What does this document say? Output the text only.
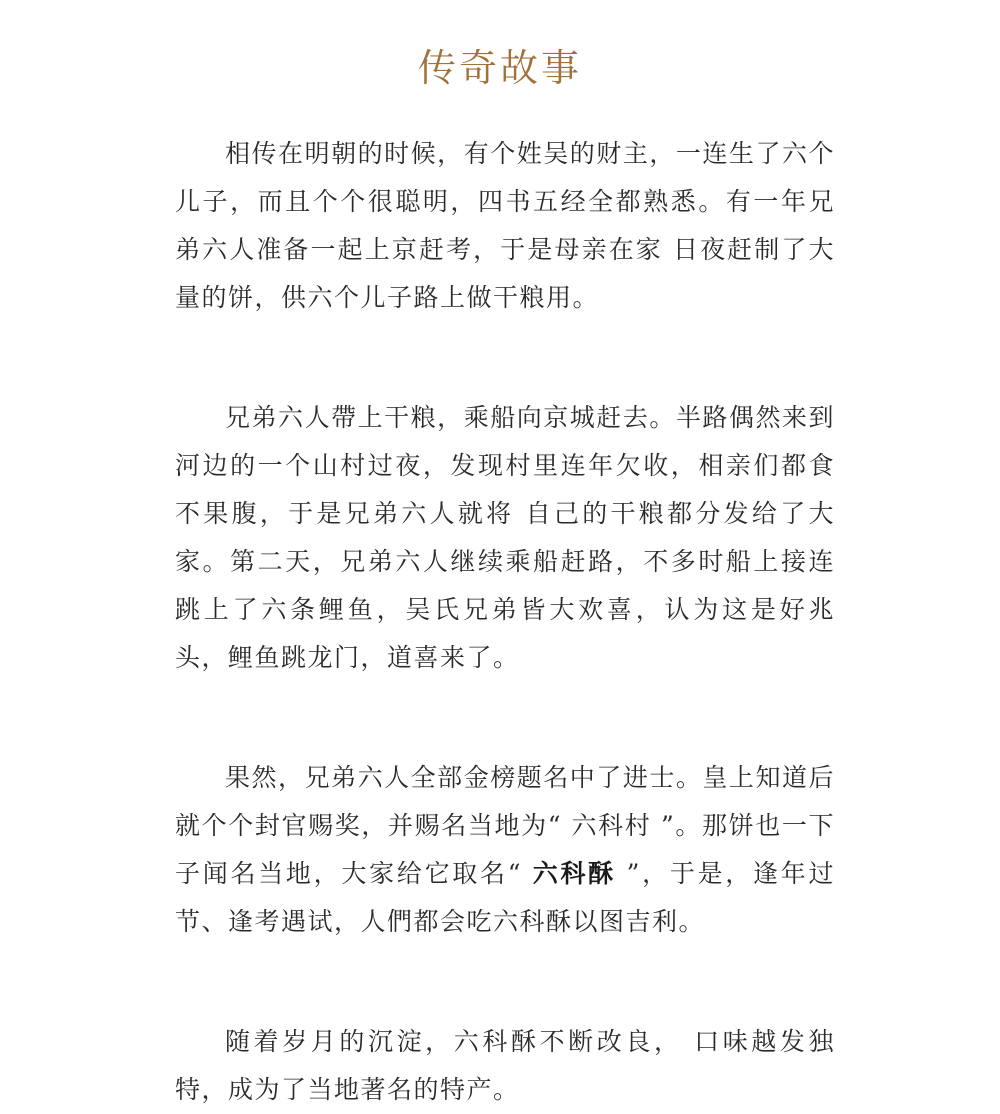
传奇故事

相传在明朝的时候，有个姓吴的财主，一连生了六个儿子，而且个个很聪明，四书五经全都熟悉。有一年兄弟六人准备一起上京赶考，于是母亲在家 日夜赶制了大量的饼，供六个儿子路上做干粮用。

兄弟六人帶上干粮，乘船向京城赶去。半路偶然来到河边的一个山村过夜，发现村里连年欠收，相亲们都食不果腹，于是兄弟六人就将 自己的干粮都分发给了大家。第二天，兄弟六人继续乘船赶路，不多时船上接连跳上了六条鲤鱼，吴氏兄弟皆大欢喜，认为这是好兆头，鲤鱼跳龙门，道喜来了。

果然，兄弟六人全部金榜题名中了进士。皇上知道后就个个封官赐奖，并赐名当地为“ 六科村 ”。那饼也一下子闻名当地，大家给它取名“ 六科酥 ”，于是，逢年过节、逢考遇试，人們都会吃六科酥以图吉利。

随着岁月的沉淀，六科酥不断改良， 口味越发独特，成为了当地著名的特产。
